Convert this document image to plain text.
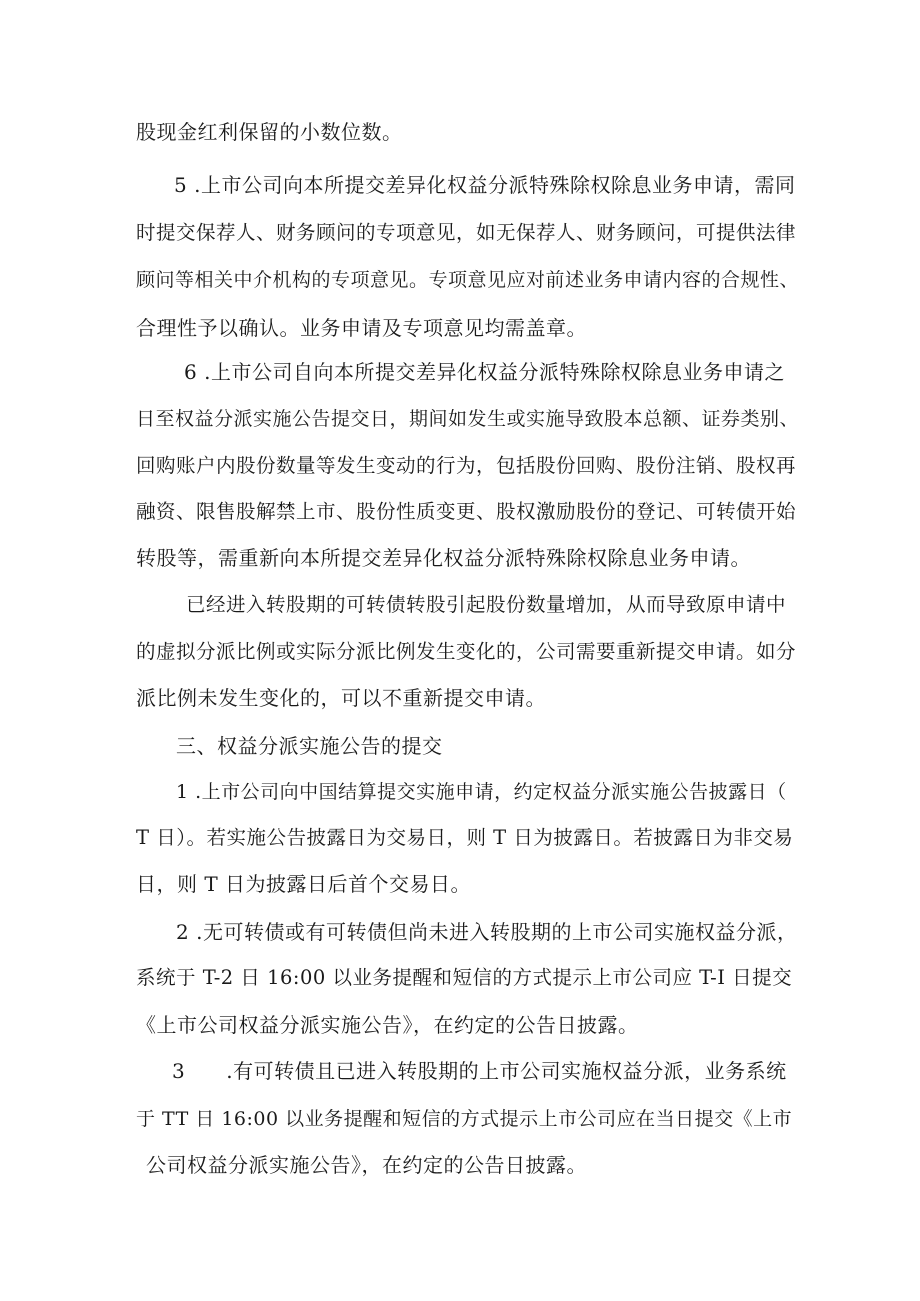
股现金红利保留的小数位数。
5 .上市公司向本所提交差异化权益分派特殊除权除息业务申请，需同
时提交保荐人、财务顾问的专项意见，如无保荐人、财务顾问，可提供法律
顾问等相关中介机构的专项意见。专项意见应对前述业务申请内容的合规性、
合理性予以确认。业务申请及专项意见均需盖章。
6 .上市公司自向本所提交差异化权益分派特殊除权除息业务申请之
日至权益分派实施公告提交日，期间如发生或实施导致股本总额、证券类别、
回购账户内股份数量等发生变动的行为，包括股份回购、股份注销、股权再
融资、限售股解禁上市、股份性质变更、股权激励股份的登记、可转债开始
转股等，需重新向本所提交差异化权益分派特殊除权除息业务申请。
已经进入转股期的可转债转股引起股份数量增加，从而导致原申请中
的虚拟分派比例或实际分派比例发生变化的，公司需要重新提交申请。如分
派比例未发生变化的，可以不重新提交申请。
三、权益分派实施公告的提交
1 .上市公司向中国结算提交实施申请，约定权益分派实施公告披露日（
T 日）。若实施公告披露日为交易日，则 T 日为披露日。若披露日为非交易
日，则 T 日为披露日后首个交易日。
2 .无可转债或有可转债但尚未进入转股期的上市公司实施权益分派，
系统于 T-2 日 16:00 以业务提醒和短信的方式提示上市公司应 T-I 日提交
《上市公司权益分派实施公告》，在约定的公告日披露。
3　　.有可转债且已进入转股期的上市公司实施权益分派，业务系统
于 TT 日 16:00 以业务提醒和短信的方式提示上市公司应在当日提交《上市
公司权益分派实施公告》，在约定的公告日披露。
